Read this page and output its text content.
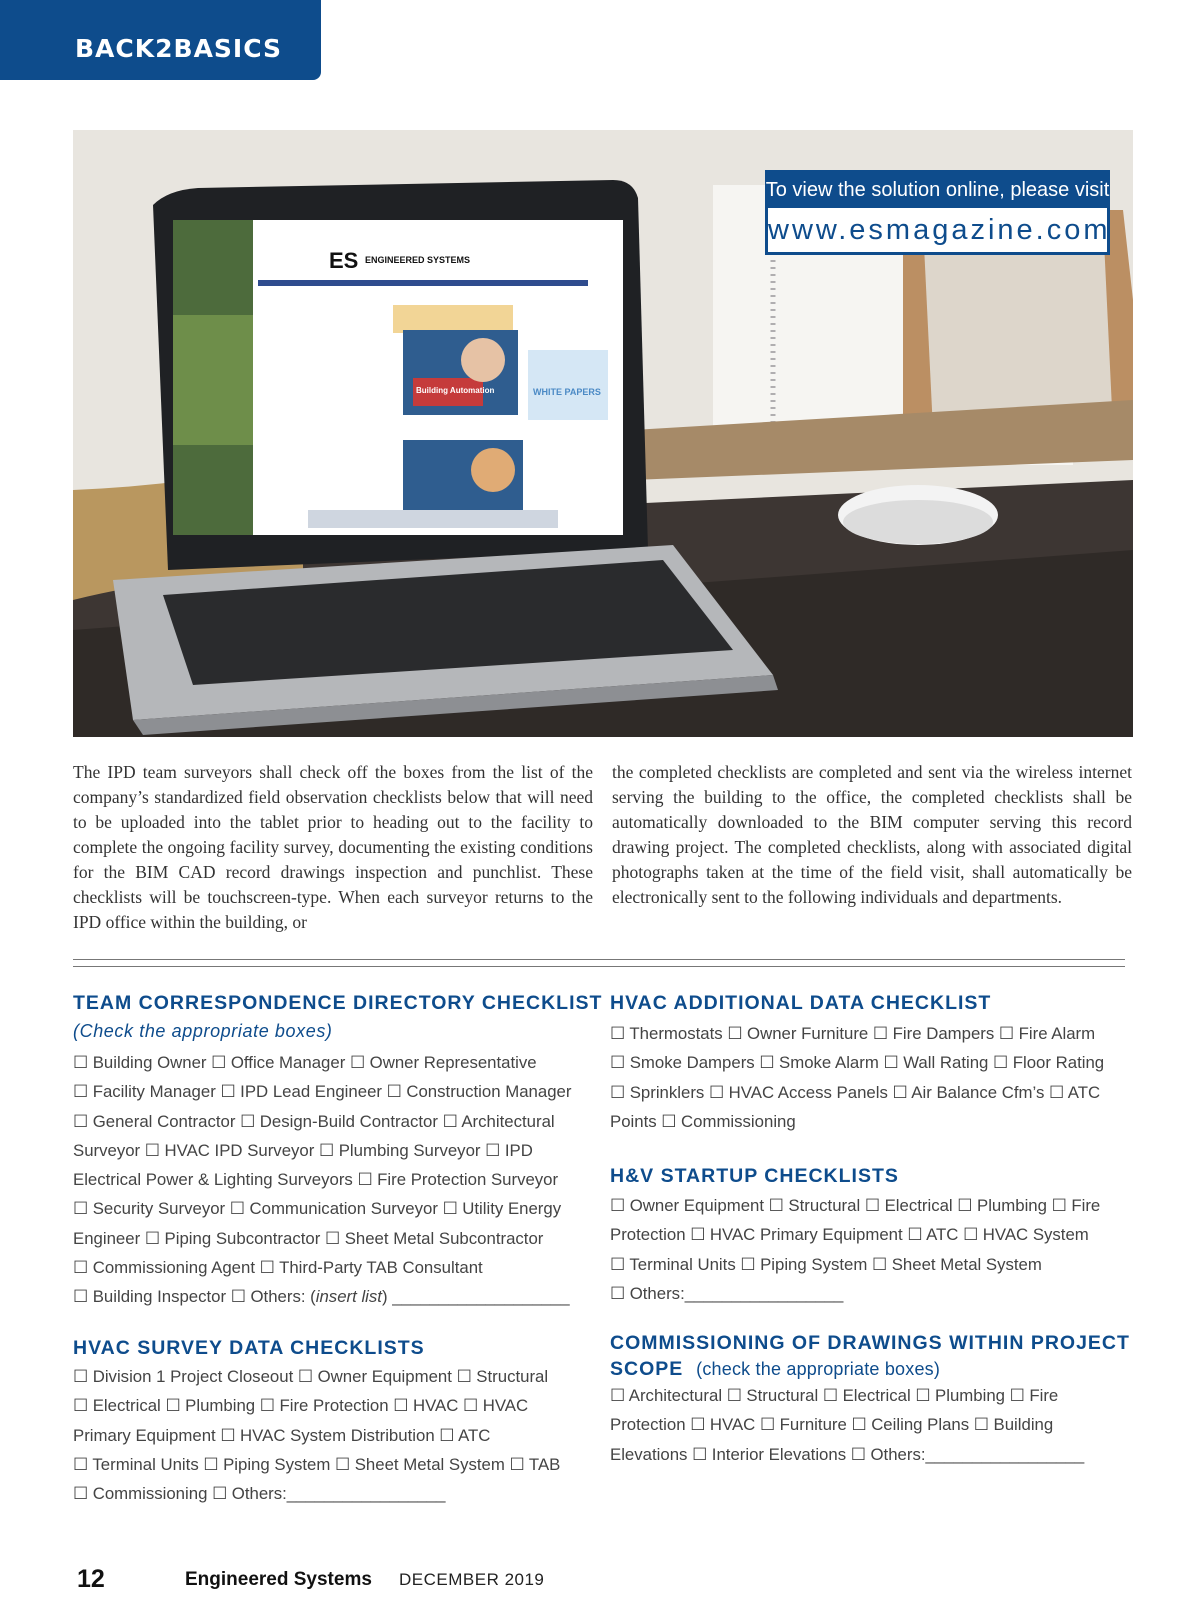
BACK2BASICS
ES ENGINEERED SYSTEMS
Building Automation	WHITE PAPERS
To view the solution online, please visit
www.esmagazine.com

The IPD team surveyors shall check off the boxes from the list of the company’s standardized field observation checklists below that will need to be uploaded into the tablet prior to heading out to the facility to complete the ongoing facility survey, documenting the existing conditions for the BIM CAD record drawings inspection and punchlist. These checklists will be touchscreen-type. When each surveyor returns to the IPD office within the building, or

the completed checklists are completed and sent via the wireless internet serving the building to the office, the completed checklists shall be automatically downloaded to the BIM computer serving this record drawing project. The completed checklists, along with associated digital photographs taken at the time of the field visit, shall automatically be electronically sent to the following individuals and departments.

TEAM CORRESPONDENCE DIRECTORY CHECKLIST
(Check the appropriate boxes)
☐ Building Owner ☐ Office Manager ☐ Owner Representative
☐ Facility Manager ☐ IPD Lead Engineer ☐ Construction Manager
☐ General Contractor ☐ Design-Build Contractor ☐ Architectural
Surveyor ☐ HVAC IPD Surveyor ☐ Plumbing Surveyor ☐ IPD
Electrical Power & Lighting Surveyors ☐ Fire Protection Surveyor
☐ Security Surveyor ☐ Communication Surveyor ☐ Utility Energy
Engineer ☐ Piping Subcontractor ☐ Sheet Metal Subcontractor
☐ Commissioning Agent ☐ Third-Party TAB Consultant
☐ Building Inspector ☐ Others: (insert list) ___________________
HVAC SURVEY DATA CHECKLISTS
☐ Division 1 Project Closeout ☐ Owner Equipment ☐ Structural
☐ Electrical ☐ Plumbing ☐ Fire Protection ☐ HVAC ☐ HVAC
Primary Equipment ☐ HVAC System Distribution ☐ ATC
☐ Terminal Units ☐ Piping System ☐ Sheet Metal System ☐ TAB
☐ Commissioning ☐ Others:_________________
HVAC ADDITIONAL DATA CHECKLIST
☐ Thermostats ☐ Owner Furniture ☐ Fire Dampers ☐ Fire Alarm
☐ Smoke Dampers ☐ Smoke Alarm ☐ Wall Rating ☐ Floor Rating
☐ Sprinklers ☐ HVAC Access Panels ☐ Air Balance Cfm’s ☐ ATC
Points ☐ Commissioning
H&V STARTUP CHECKLISTS
☐ Owner Equipment ☐ Structural ☐ Electrical ☐ Plumbing ☐ Fire
Protection ☐ HVAC Primary Equipment ☐ ATC ☐ HVAC System
☐ Terminal Units ☐ Piping System ☐ Sheet Metal System
☐ Others:_________________
COMMISSIONING OF DRAWINGS WITHIN PROJECT
SCOPE (check the appropriate boxes)
☐ Architectural ☐ Structural ☐ Electrical ☐ Plumbing ☐ Fire
Protection ☐ HVAC ☐ Furniture ☐ Ceiling Plans ☐ Building
Elevations ☐ Interior Elevations ☐ Others:_________________
12	Engineered Systems DECEMBER 2019
